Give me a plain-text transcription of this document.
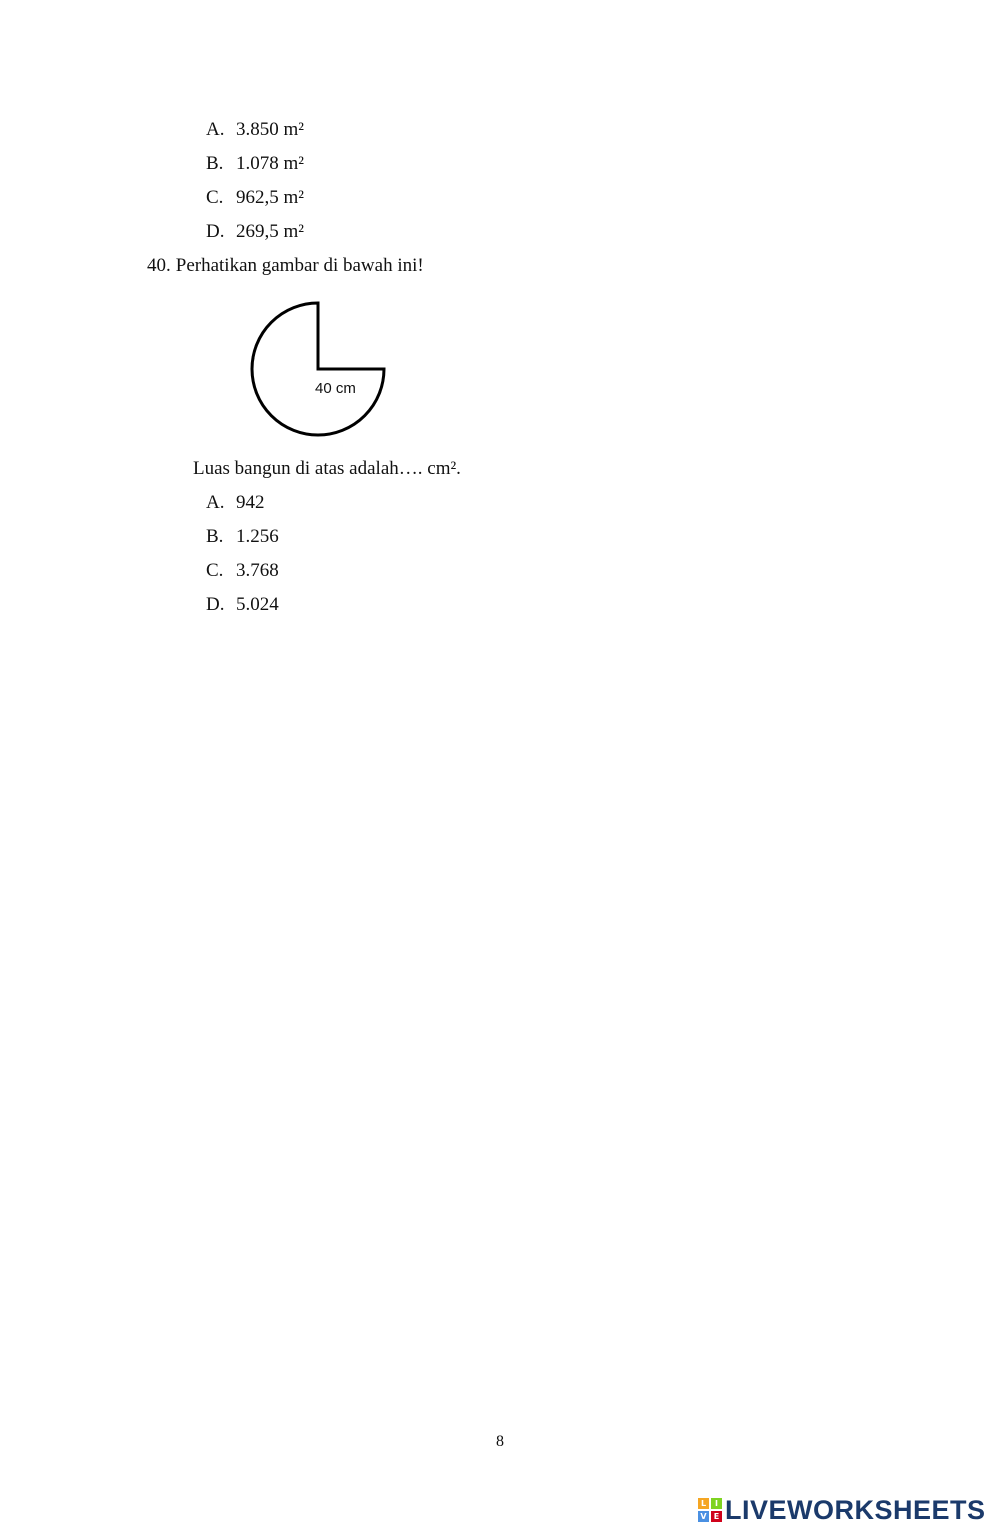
A. 3.850 m²
B. 1.078 m²
C. 962,5 m²
D. 269,5 m²
40. Perhatikan gambar di bawah ini!
40 cm
Luas bangun di atas adalah…. cm².
A. 942
B. 1.256
C. 3.768
D. 5.024
8
L	I
V E LIVEWORKSHEETS
